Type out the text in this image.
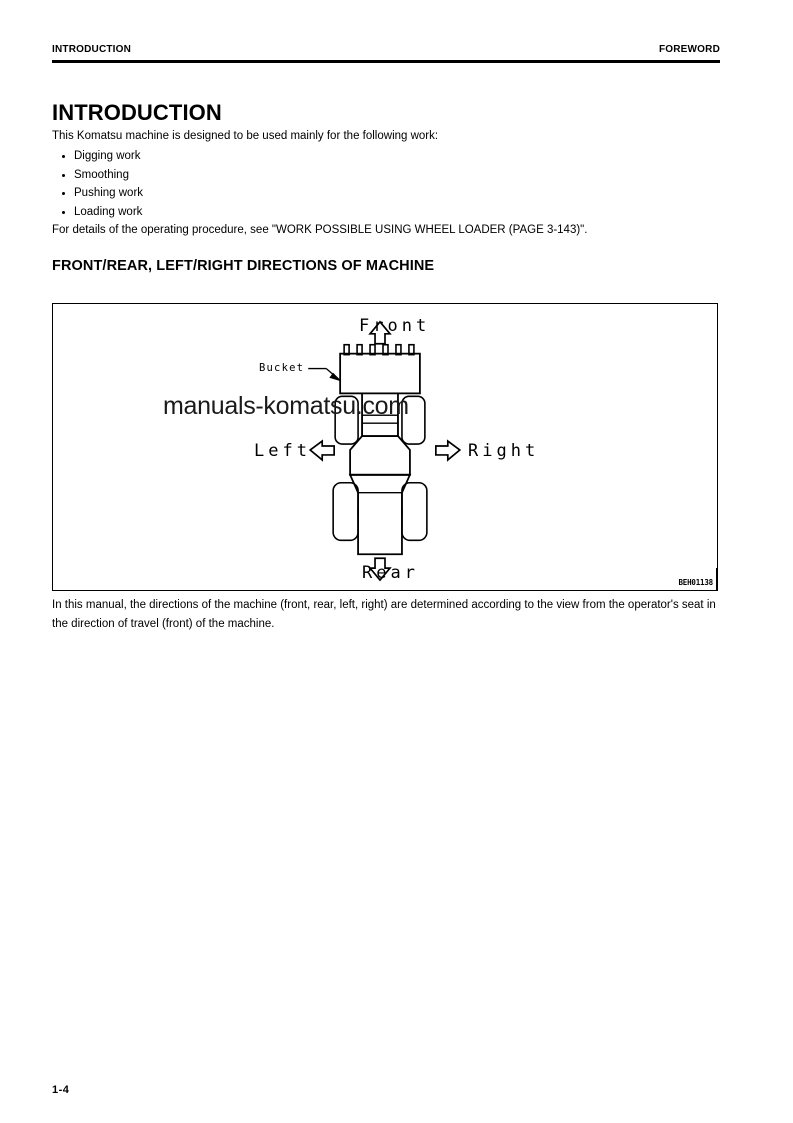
INTRODUCTION	FOREWORD
INTRODUCTION
This Komatsu machine is designed to be used mainly for the following work:
Digging work
Smoothing
Pushing work
Loading work
For details of the operating procedure, see "WORK POSSIBLE USING WHEEL LOADER (PAGE 3-143)".
FRONT/REAR, LEFT/RIGHT DIRECTIONS OF MACHINE
Front
Rear
Left	Right
Bucket
manuals-komatsu.com
BEH01138
In this manual, the directions of the machine (front, rear, left, right) are determined according to the view from the operator's seat in the direction of travel (front) of the machine.
1-4
